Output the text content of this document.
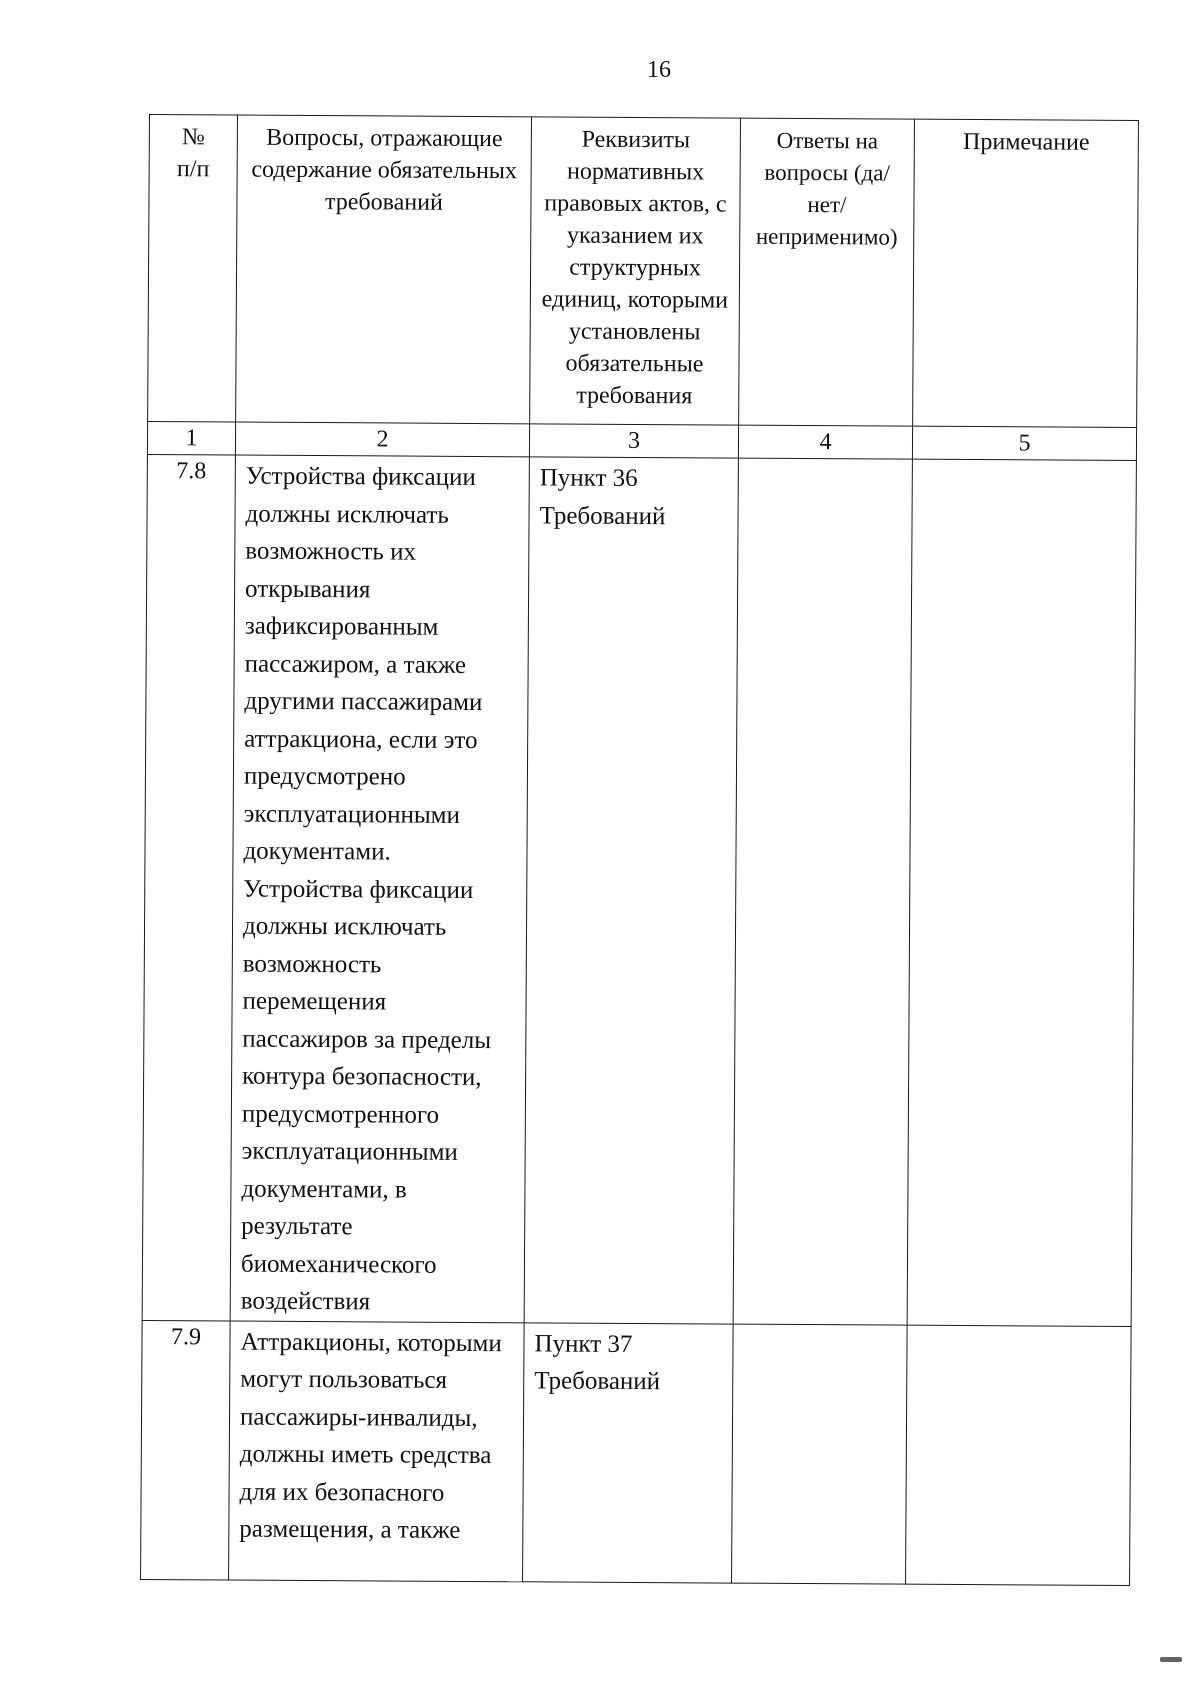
16
№ п/п	Вопросы, отражающие содержание обязательных требований	Реквизиты нормативных правовых актов, с указанием их структурных единиц, которыми установлены обязательные требования	Ответы на вопросы (да/нет/ неприменимо)	Примечание

1	2	3	4	5
7.8	Устройства фиксации должны исключать возможность их открывания зафиксированным пассажиром, а также другими пассажирами аттракциона, если это предусмотрено эксплуатационными документами. Устройства фиксации должны исключать возможность перемещения пассажиров за пределы контура безопасности, предусмотренного эксплуатационными документами, в результате биомеханического воздействия	Пункт 36 Требований		

7.9	Аттракционы, которыми могут пользоваться пассажиры-инвалиды, должны иметь средства для их безопасного размещения, а также	Пункт 37 Требований		
